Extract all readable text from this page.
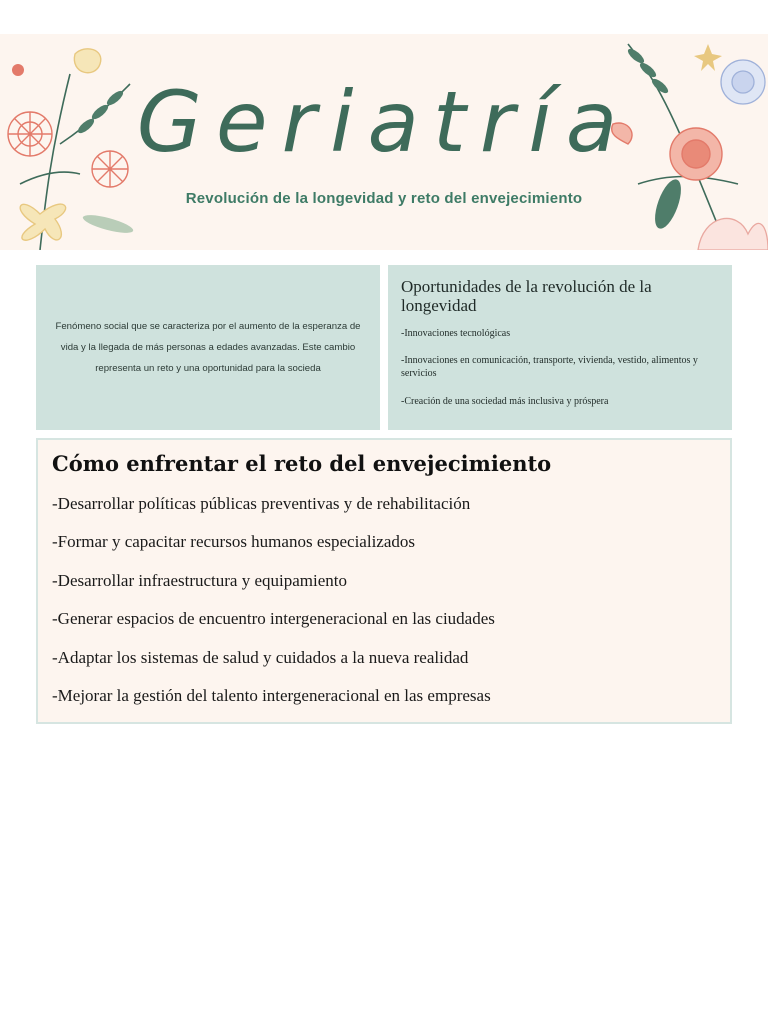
Geriatría
Revolución de la longevidad y reto del envejecimiento
Fenómeno social que se caracteriza por el aumento de la esperanza de vida y la llegada de más personas a edades avanzadas. Este cambio representa un reto y una oportunidad para la socieda
Oportunidades de la revolución de la longevidad
-Innovaciones tecnológicas
-Innovaciones en comunicación, transporte, vivienda, vestido, alimentos y servicios
-Creación de una sociedad más inclusiva y próspera
Cómo enfrentar el reto del envejecimiento
-Desarrollar políticas públicas preventivas y de rehabilitación
-Formar y capacitar recursos humanos especializados
-Desarrollar infraestructura y equipamiento
-Generar espacios de encuentro intergeneracional en las ciudades
-Adaptar los sistemas de salud y cuidados a la nueva realidad
-Mejorar la gestión del talento intergeneracional en las empresas
